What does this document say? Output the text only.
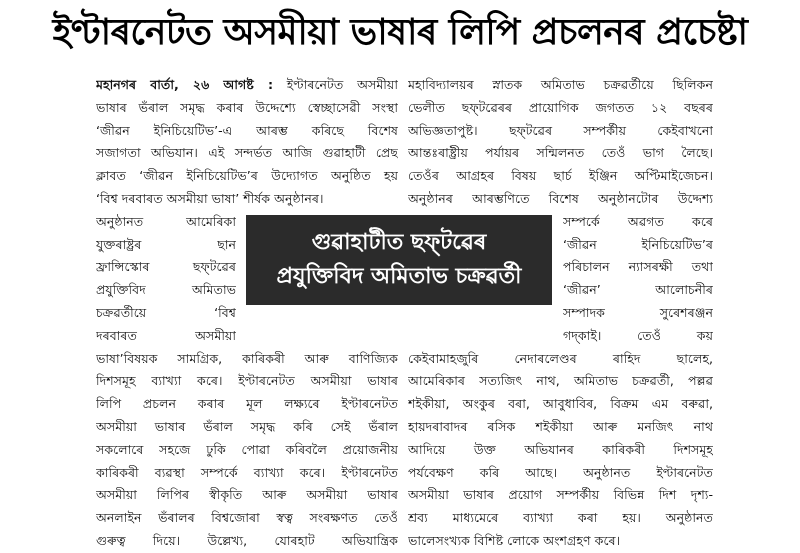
ইণ্টাৰনেটত অসমীয়া ভাষাৰ লিপি প্ৰচলনৰ প্ৰচেষ্টা
মহানগৰ বাৰ্তা, ২৬ আগষ্ট : ইণ্টাৰনেটত অসমীয়া
ভাষাৰ ভঁৰাল সমৃদ্ধ কৰাৰ উদ্দেশ্যে স্বেচ্ছাসেৱী সংস্থা
‘জীৱন ইনিচিয়েটিভ’-এ আৰম্ভ কৰিছে বিশেষ
সজাগতা অভিযান। এই সন্দৰ্ভত আজি গুৱাহাটী প্ৰেছ
ক্লাবত ‘জীৱন ইনিচিয়েটিভ’ৰ উদ্যোগত অনুষ্ঠিত হয়
‘বিশ্ব দৰবাৰত অসমীয়া ভাষা’ শীৰ্ষক অনুষ্ঠানৰ।
অনুষ্ঠানত আমেৰিকা
যুক্তৰাষ্ট্ৰৰ ছান
ফ্ৰান্সিস্কোৰ ছফ্‌টৱেৰ
প্ৰযুক্তিবিদ অমিতাভ
চক্ৰৱৰ্তীয়ে ‘বিশ্ব
দৰবাৰত অসমীয়া
ভাষা’বিষয়ক সামগ্ৰিক, কাৰিকৰী আৰু বাণিজ্যিক
দিশসমূহ ব্যাখ্যা কৰে। ইণ্টাৰনেটত অসমীয়া ভাষাৰ
লিপি প্ৰচলন কৰাৰ মূল লক্ষ্যৰে ইণ্টাৰনেটত
অসমীয়া ভাষাৰ ভঁৰাল সমৃদ্ধ কৰি সেই ভঁৰাল
সকলোৰে সহজে ঢুকি পোৱা কৰিবলৈ প্ৰয়োজনীয়
কাৰিকৰী ব্যৱস্থা সম্পৰ্কে ব্যাখ্যা কৰে। ইণ্টাৰনেটত
অসমীয়া লিপিৰ স্বীকৃতি আৰু অসমীয়া ভাষাৰ
অনলাইন ভঁৰালৰ বিশ্বজোৰা স্বত্ব সংৰক্ষণত তেওঁ
গুৰুত্ব দিয়ে। উল্লেখ্য, যোৰহাট অভিযান্ত্ৰিক
মহাবিদ্যালয়ৰ স্নাতক অমিতাভ চক্ৰৱৰ্তীয়ে ছিলিকন
ভেলীত ছফ্‌টৱেৰৰ প্ৰায়োগিক জগতত ১২ বছৰৰ
অভিজ্ঞতাপুষ্ট। ছফ্‌টৱেৰ সম্পৰ্কীয় কেইবাখনো
আন্তঃৰাষ্ট্ৰীয় পৰ্যায়ৰ সন্মিলনত তেওঁ ভাগ লৈছে।
তেওঁৰ আগ্ৰহৰ বিষয় ছাৰ্চ ইঞ্জিন অপ্টিমাইজেচন।
অনুষ্ঠানৰ আৰম্ভণিতে বিশেষ অনুষ্ঠানটোৰ উদ্দেশ্য
সম্পৰ্কে অৱগত কৰে
‘জীৱন ইনিচিয়েটিভ’ৰ
পৰিচালন ন্যাসৰক্ষী তথা
‘জীৱন’ আলোচনীৰ
সম্পাদক সুৰেশৰঞ্জন
গদ্‌কাই। তেওঁ কয়
কেইবামাহজুৰি নেদাৰলেণ্ডৰ ৰাহিদ ছালেহ,
আমেৰিকাৰ সত্যজিৎ নাথ, অমিতাভ চক্ৰৱৰ্তী, পল্লৱ
শইকীয়া, অংকুৰ বৰা, আবুধাবিৰ, বিক্ৰম এম বৰুৱা,
হায়দৰাবাদৰ ৰসিক শইকীয়া আৰু মনজিৎ নাথ
আদিয়ে উক্ত অভিযানৰ কাৰিকৰী দিশসমূহ
পৰ্যবেক্ষণ কৰি আছে। অনুষ্ঠানত ইণ্টাৰনেটত
অসমীয়া ভাষাৰ প্ৰয়োগ সম্পৰ্কীয় বিভিন্ন দিশ দৃশ্য-
শ্ৰব্য মাধ্যমেৰে ব্যাখ্যা কৰা হয়। অনুষ্ঠানত
ভালেসংখ্যক বিশিষ্ট লোকে অংশগ্ৰহণ কৰে।
গুৱাহাটীত ছফ্‌টৱেৰ
প্ৰযুক্তিবিদ অমিতাভ চক্ৰৱৰ্তী
